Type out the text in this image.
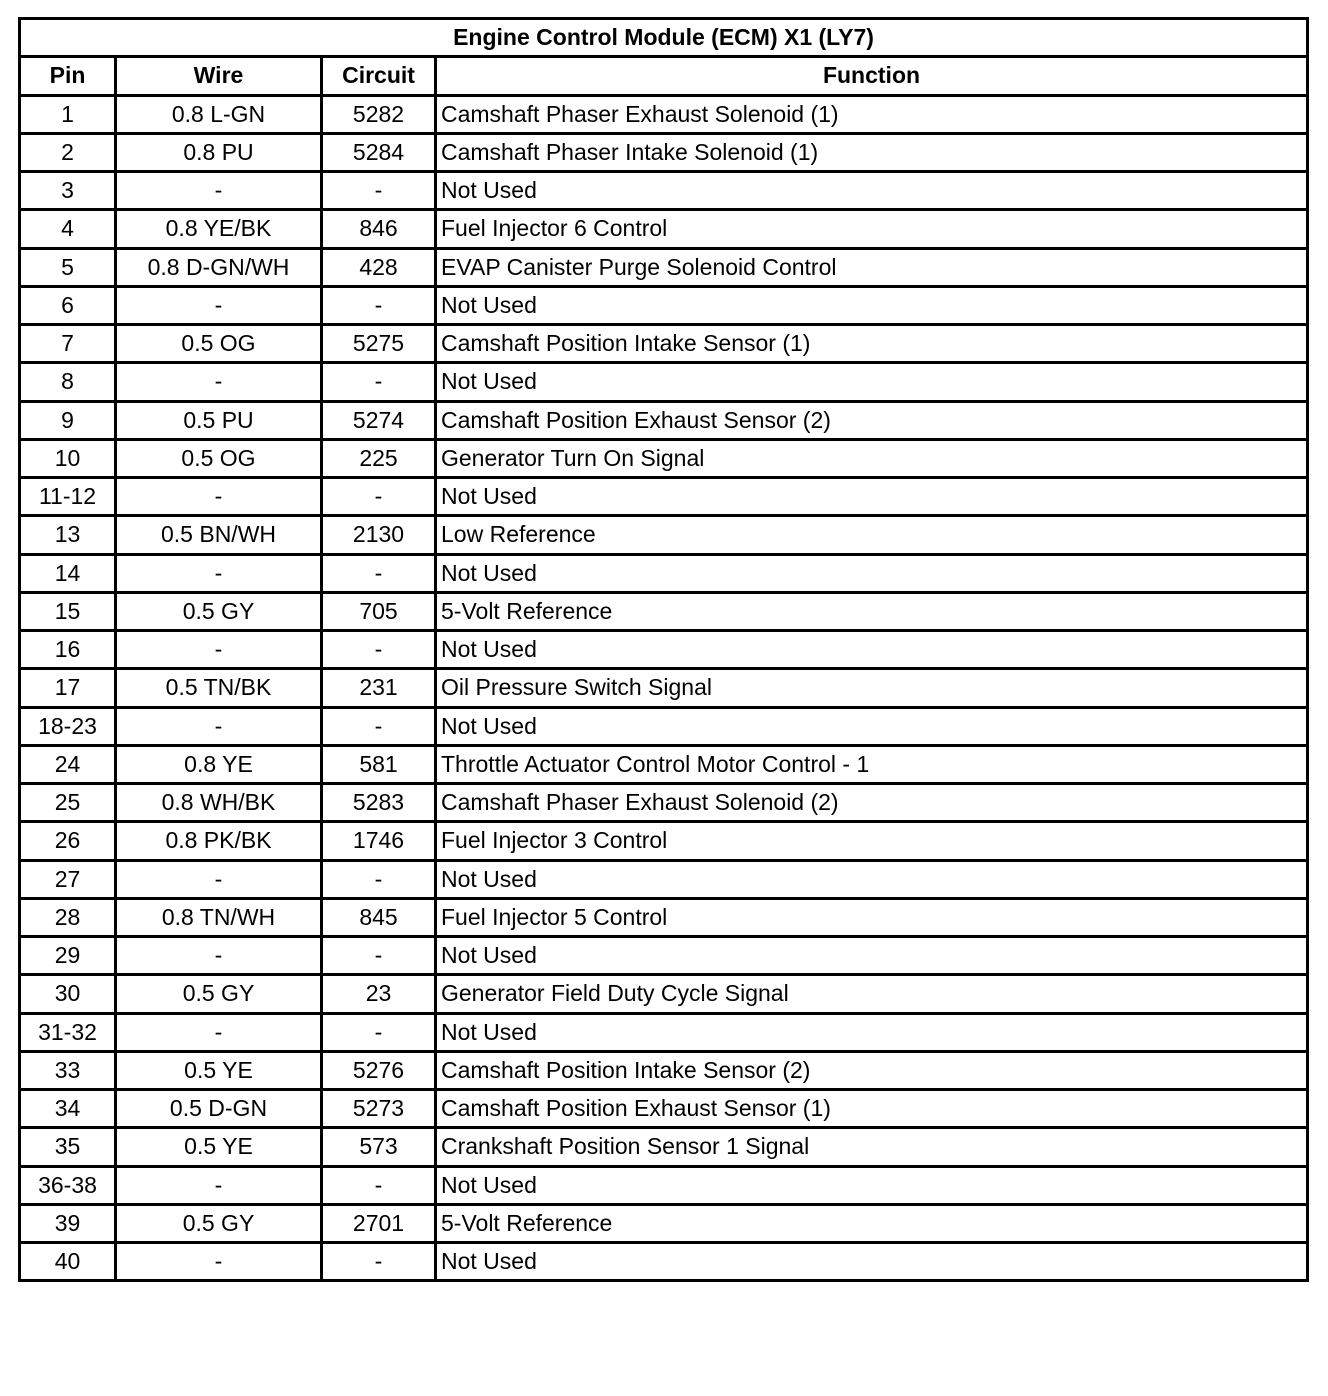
Engine Control Module (ECM) X1 (LY7)			
Pin	Wire	Circuit	Function
1	0.8 L-GN	5282	Camshaft Phaser Exhaust Solenoid (1)
2	0.8 PU	5284	Camshaft Phaser Intake Solenoid (1)
3	-	-	Not Used
4	0.8 YE/BK	846	Fuel Injector 6 Control
5	0.8 D-GN/WH	428	EVAP Canister Purge Solenoid Control
6	-	-	Not Used
7	0.5 OG	5275	Camshaft Position Intake Sensor (1)
8	-	-	Not Used
9	0.5 PU	5274	Camshaft Position Exhaust Sensor (2)
10	0.5 OG	225	Generator Turn On Signal
11-12	-	-	Not Used
13	0.5 BN/WH	2130	Low Reference
14	-	-	Not Used
15	0.5 GY	705	5-Volt Reference
16	-	-	Not Used
17	0.5 TN/BK	231	Oil Pressure Switch Signal
18-23	-	-	Not Used
24	0.8 YE	581	Throttle Actuator Control Motor Control - 1
25	0.8 WH/BK	5283	Camshaft Phaser Exhaust Solenoid (2)
26	0.8 PK/BK	1746	Fuel Injector 3 Control
27	-	-	Not Used
28	0.8 TN/WH	845	Fuel Injector 5 Control
29	-	-	Not Used
30	0.5 GY	23	Generator Field Duty Cycle Signal
31-32	-	-	Not Used
33	0.5 YE	5276	Camshaft Position Intake Sensor (2)
34	0.5 D-GN	5273	Camshaft Position Exhaust Sensor (1)
35	0.5 YE	573	Crankshaft Position Sensor 1 Signal
36-38	-	-	Not Used
39	0.5 GY	2701	5-Volt Reference
40	-	-	Not Used
